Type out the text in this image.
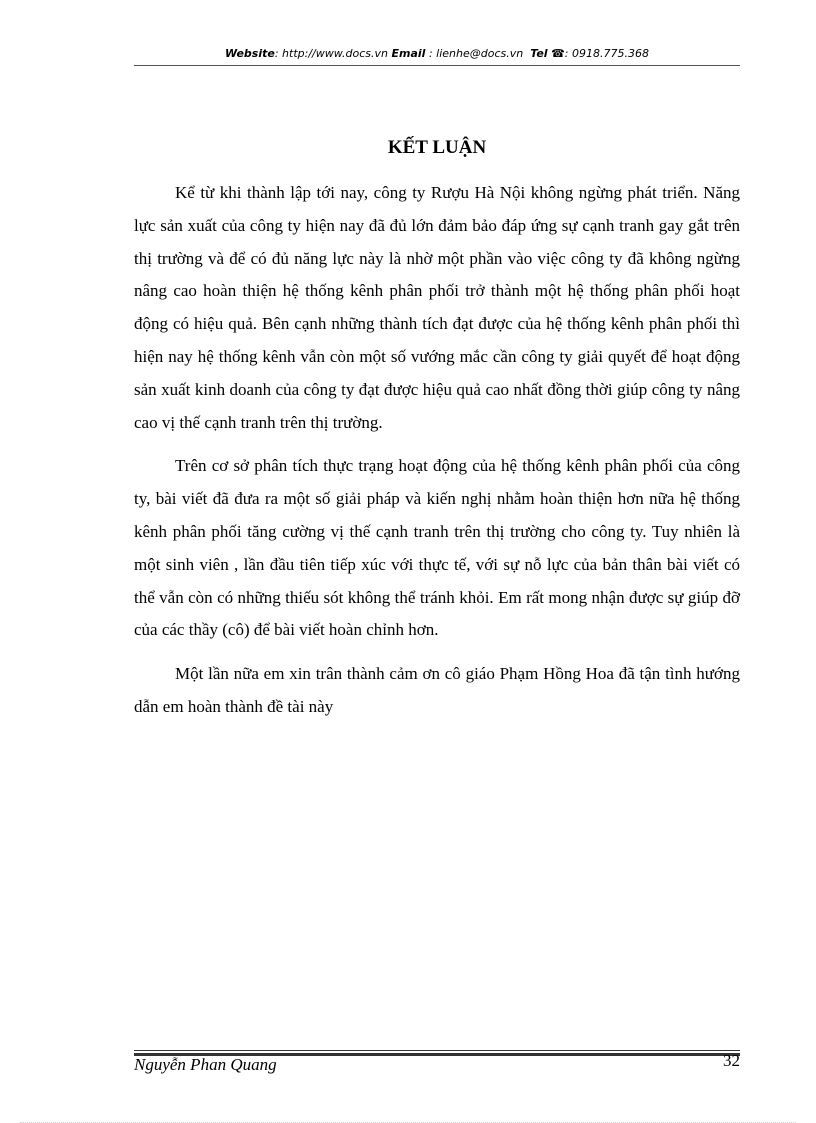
Website: http://www.docs.vn Email : lienhe@docs.vn Tel ☎: 0918.775.368
KẾT LUẬN

Kể từ khi thành lập tới nay, công ty Rượu Hà Nội không ngừng phát triển. Năng lực sản xuất của công ty hiện nay đã đủ lớn đảm bảo đáp ứng sự cạnh tranh gay gắt trên thị trường và để có đủ năng lực này là nhờ một phần vào việc công ty đã không ngừng nâng cao hoàn thiện hệ thống kênh phân phối trở thành một hệ thống phân phối hoạt động có hiệu quả. Bên cạnh những thành tích đạt được của hệ thống kênh phân phối thì hiện nay hệ thống kênh vẫn còn một số vướng mắc cần công ty giải quyết để hoạt động sản xuất kinh doanh của công ty đạt được hiệu quả cao nhất đồng thời giúp công ty nâng cao vị thế cạnh tranh trên thị trường.

Trên cơ sở phân tích thực trạng hoạt động của hệ thống kênh phân phối của công ty, bài viết đã đưa ra một số giải pháp và kiến nghị nhằm hoàn thiện hơn nữa hệ thống kênh phân phối tăng cường vị thế cạnh tranh trên thị trường cho công ty. Tuy nhiên là một sinh viên , lần đầu tiên tiếp xúc với thực tế, với sự nỗ lực của bản thân bài viết có thể vẫn còn có những thiếu sót không thể tránh khỏi. Em rất mong nhận được sự giúp đỡ của các thầy (cô) để bài viết hoàn chỉnh hơn.

Một lần nữa em xin trân thành cảm ơn cô giáo Phạm Hồng Hoa đã tận tình hướng dẫn em hoàn thành đề tài này

Nguyễn Phan Quang	32
